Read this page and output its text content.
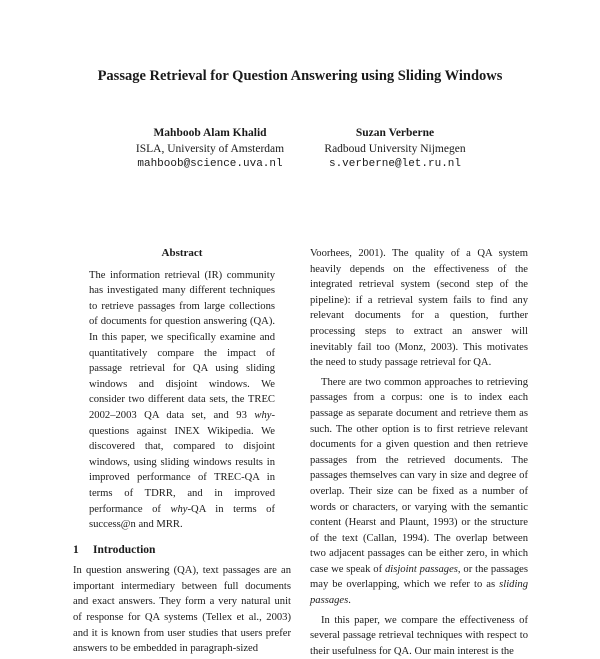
Passage Retrieval for Question Answering using Sliding Windows
Mahboob Alam Khalid
ISLA, University of Amsterdam
mahboob@science.uva.nl
Suzan Verberne
Radboud University Nijmegen
s.verberne@let.ru.nl
Abstract

The information retrieval (IR) community has investigated many different techniques to retrieve passages from large collections of documents for question answering (QA). In this paper, we specifically examine and quantitatively compare the impact of passage retrieval for QA using sliding windows and disjoint windows. We consider two different data sets, the TREC 2002–2003 QA data set, and 93 why-questions against INEX Wikipedia. We discovered that, compared to disjoint windows, using sliding windows results in improved performance of TREC-QA in terms of TDRR, and in improved performance of why-QA in terms of success@n and MRR.

1 Introduction

In question answering (QA), text passages are an important intermediary between full documents and exact answers. They form a very natural unit of response for QA systems (Tellex et al., 2003) and it is known from user studies that users prefer answers to be embedded in paragraph-sized

Voorhees, 2001). The quality of a QA system heavily depends on the effectiveness of the integrated retrieval system (second step of the pipeline): if a retrieval system fails to find any relevant documents for a question, further processing steps to extract an answer will inevitably fail too (Monz, 2003). This motivates the need to study passage retrieval for QA.

There are two common approaches to retrieving passages from a corpus: one is to index each passage as separate document and retrieve them as such. The other option is to first retrieve relevant documents for a given question and then retrieve passages from the retrieved documents. The passages themselves can vary in size and degree of overlap. Their size can be fixed as a number of words or characters, or varying with the semantic content (Hearst and Plaunt, 1993) or the structure of the text (Callan, 1994). The overlap between two adjacent passages can be either zero, in which case we speak of disjoint passages, or the passages may be overlapping, which we refer to as sliding passages.

In this paper, we compare the effectiveness of several passage retrieval techniques with respect to their usefulness for QA. Our main interest is the
